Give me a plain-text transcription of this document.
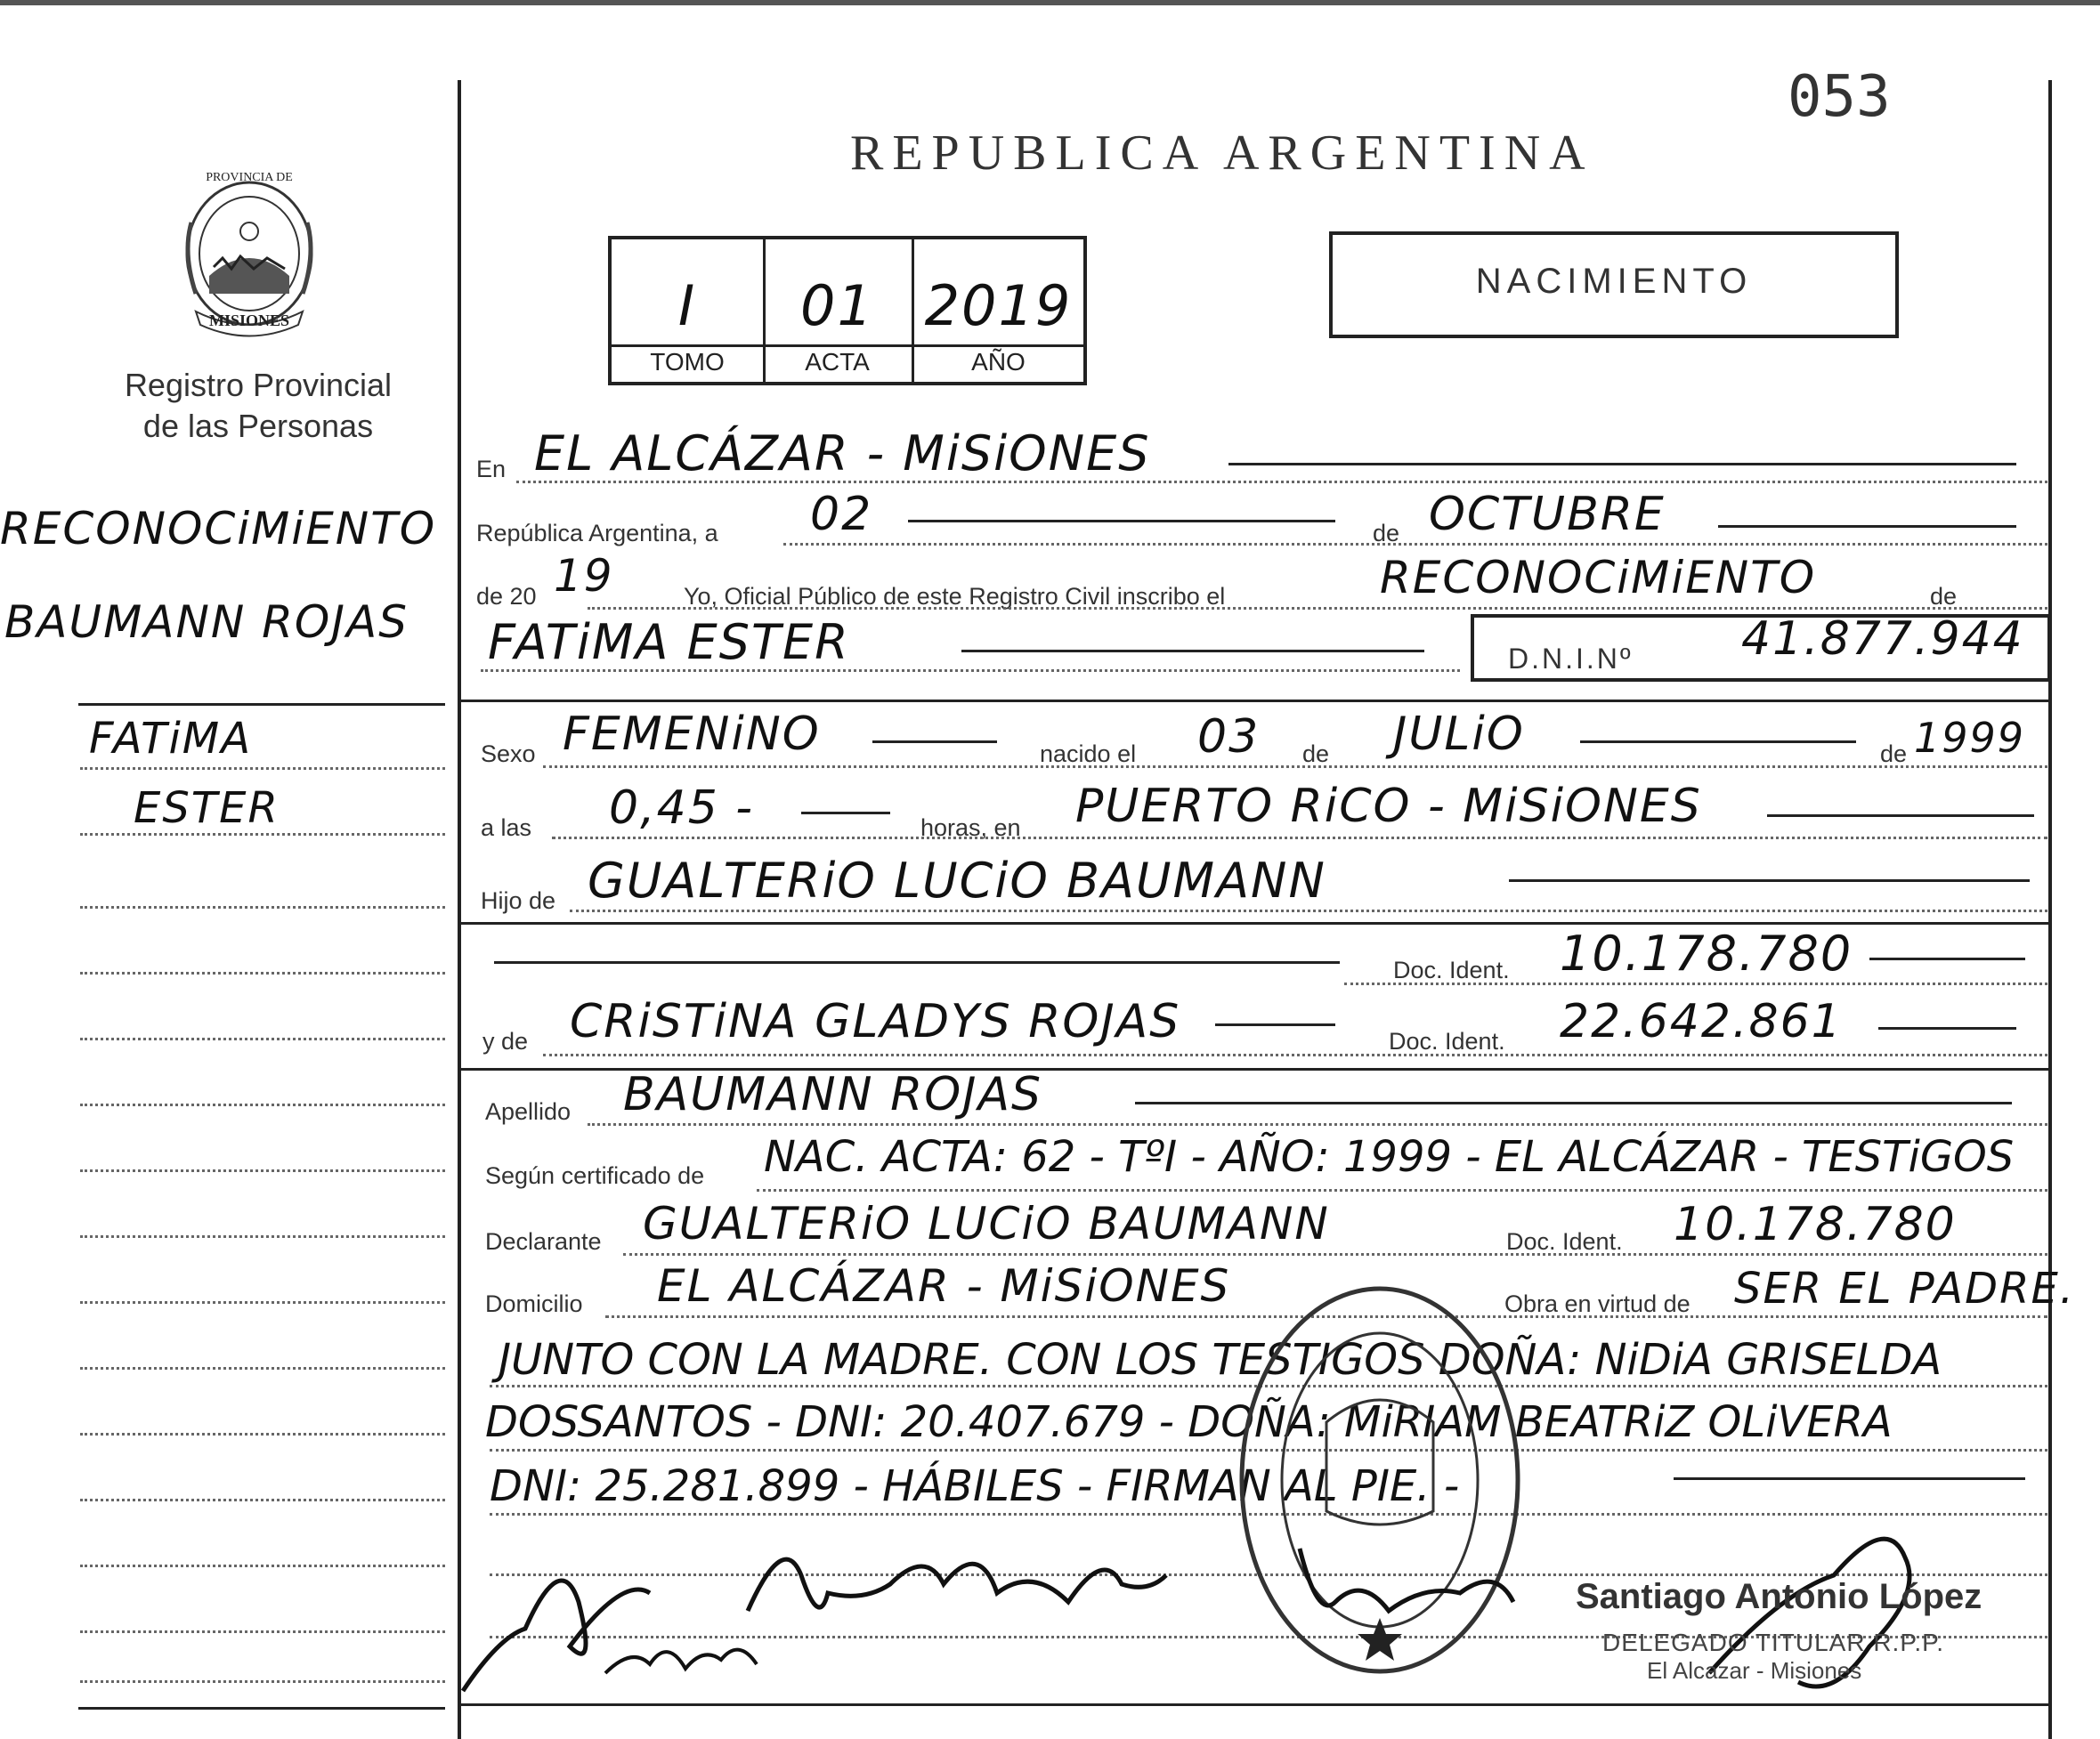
053
REPUBLICA ARGENTINA
PROVINCIA DE
MISIONES
Registro Provincial
de las Personas
RECONOCiMiENTO
BAUMANN ROJAS
FATiMA
ESTER
I	01 2019
TOMO	ACTA	AÑO
NACIMIENTO
En EL ALCÁZAR - MiSiONES
República Argentina, a 02	de OCTUBRE
de 20 19	Yo, Oficial Público de este Registro Civil inscribo el	RECONOCiMiENTO	de
FATiMA ESTER	D.N.I.Nº 41.877.944
Sexo FEMENiNO	nacido el 03 de JULiO	de 1999
a las 0,45 -	horas, en PUERTO RiCO - MiSiONES
Hijo de GUALTERiO LUCiO BAUMANN
Doc. Ident. 10.178.780
y de CRiSTiNA GLADYS ROJAS	Doc. Ident. 22.642.861
Apellido BAUMANN ROJAS
Según certificado de NAC. ACTA: 62 - TºI - AÑO: 1999 - EL ALCÁZAR - TESTiGOS
Declarante GUALTERiO LUCiO BAUMANN	Doc. Ident. 10.178.780
Domicilio EL ALCÁZAR - MiSiONES	Obra en virtud de SER EL PADRE.
JUNTO CON LA MADRE. CON LOS TESTIGOS DOÑA: NiDiA GRISELDA
DOSSANTOS - DNI: 20.407.679 - DOÑA: MiRIAM BEATRiZ OLiVERA
DNI: 25.281.899 - HÁBILES - FIRMAN AL PIE. -
Santiago Antonio López
DELEGADO TITULAR R.P.P.
El Alcazar - Misiones
